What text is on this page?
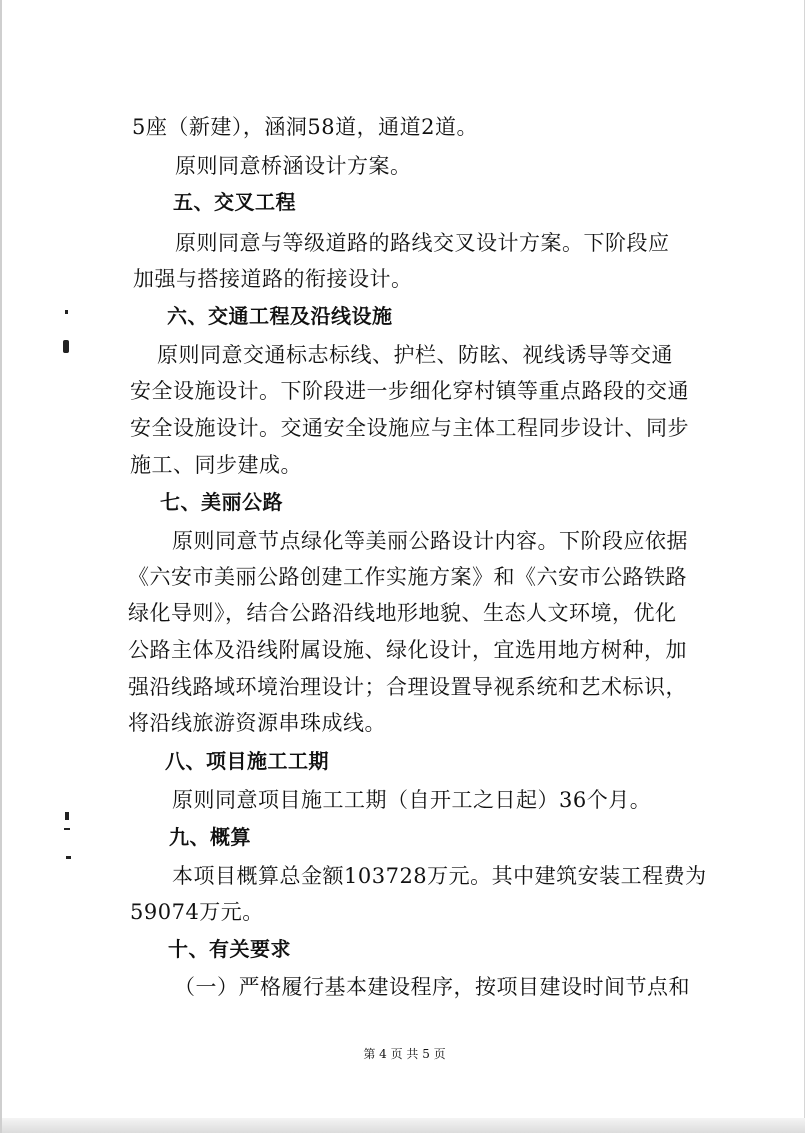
5座（新建），涵洞58道，通道2道。
原则同意桥涵设计方案。
五、交叉工程
原则同意与等级道路的路线交叉设计方案。下阶段应
加强与搭接道路的衔接设计。
六、交通工程及沿线设施
原则同意交通标志标线、护栏、防眩、视线诱导等交通
安全设施设计。下阶段进一步细化穿村镇等重点路段的交通
安全设施设计。交通安全设施应与主体工程同步设计、同步
施工、同步建成。
七、美丽公路
原则同意节点绿化等美丽公路设计内容。下阶段应依据
《六安市美丽公路创建工作实施方案》和《六安市公路铁路
绿化导则》，结合公路沿线地形地貌、生态人文环境，优化
公路主体及沿线附属设施、绿化设计，宜选用地方树种，加
强沿线路域环境治理设计；合理设置导视系统和艺术标识，
将沿线旅游资源串珠成线。
八、项目施工工期
原则同意项目施工工期（自开工之日起）36个月。
九、概算
本项目概算总金额103728万元。其中建筑安装工程费为
59074万元。
十、有关要求
（一）严格履行基本建设程序，按项目建设时间节点和
第 4 页 共 5 页
